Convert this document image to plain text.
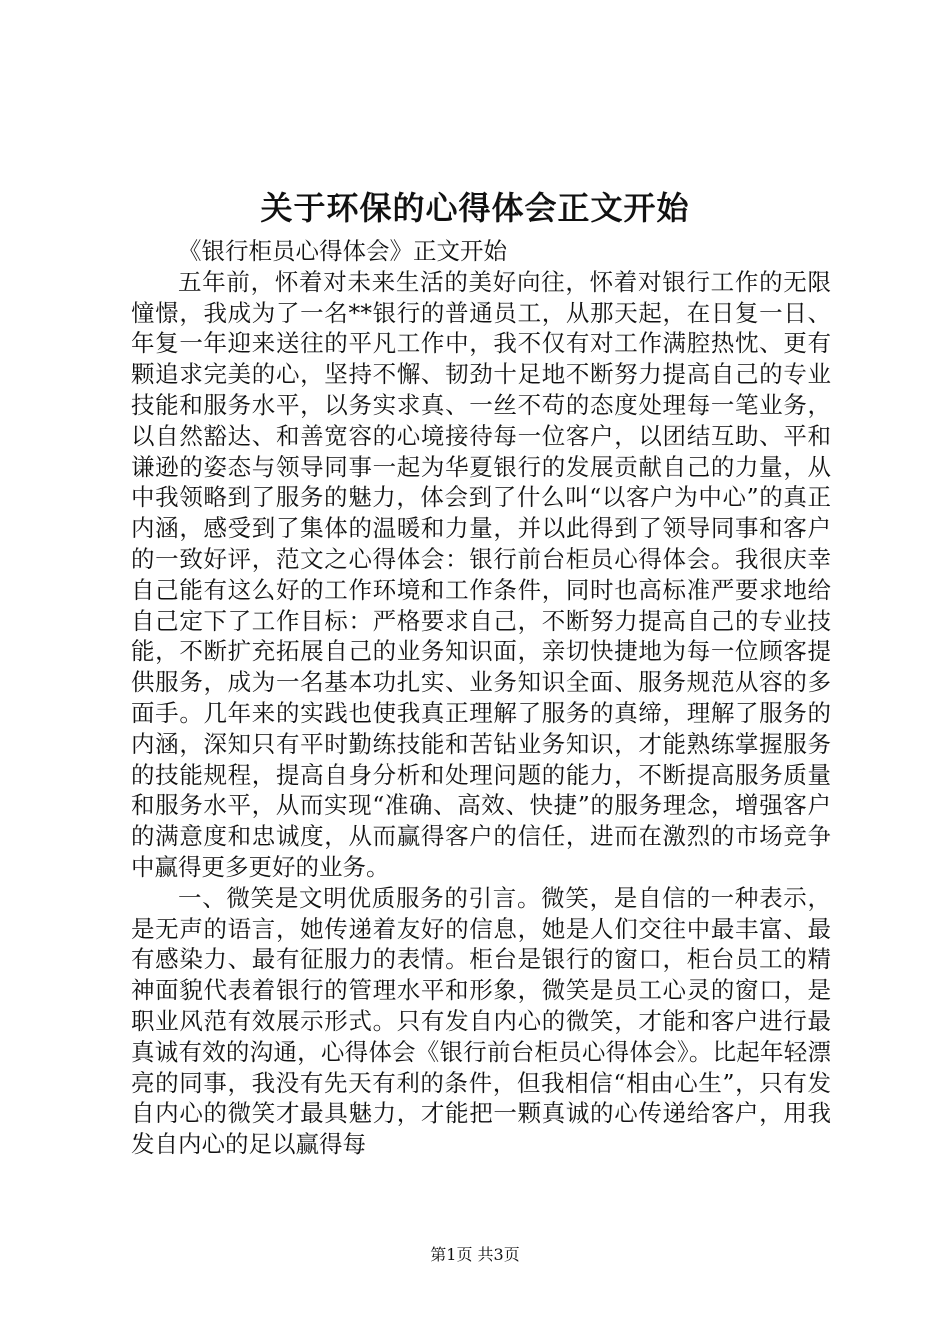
关于环保的心得体会正文开始

《银行柜员心得体会》正文开始

五年前，怀着对未来生活的美好向往，怀着对银行工作的无限憧憬，我成为了一名**银行的普通员工，从那天起，在日复一日、年复一年迎来送往的平凡工作中，我不仅有对工作满腔热忱、更有颗追求完美的心，坚持不懈、韧劲十足地不断努力提高自己的专业技能和服务水平，以务实求真、一丝不苟的态度处理每一笔业务，以自然豁达、和善宽容的心境接待每一位客户，以团结互助、平和谦逊的姿态与领导同事一起为华夏银行的发展贡献自己的力量，从中我领略到了服务的魅力，体会到了什么叫“以客户为中心”的真正内涵，感受到了集体的温暖和力量，并以此得到了领导同事和客户的一致好评，范文之心得体会：银行前台柜员心得体会。我很庆幸自己能有这么好的工作环境和工作条件，同时也高标准严要求地给自己定下了工作目标：严格要求自己，不断努力提高自己的专业技能，不断扩充拓展自己的业务知识面，亲切快捷地为每一位顾客提供服务，成为一名基本功扎实、业务知识全面、服务规范从容的多面手。几年来的实践也使我真正理解了服务的真缔，理解了服务的内涵，深知只有平时勤练技能和苦钻业务知识，才能熟练掌握服务的技能规程，提高自身分析和处理问题的能力，不断提高服务质量和服务水平，从而实现“准确、高效、快捷”的服务理念，增强客户的满意度和忠诚度，从而赢得客户的信任，进而在激烈的市场竞争中赢得更多更好的业务。

一、微笑是文明优质服务的引言。微笑，是自信的一种表示，是无声的语言，她传递着友好的信息，她是人们交往中最丰富、最有感染力、最有征服力的表情。柜台是银行的窗口，柜台员工的精神面貌代表着银行的管理水平和形象，微笑是员工心灵的窗口，是职业风范有效展示形式。只有发自内心的微笑，才能和客户进行最真诚有效的沟通，心得体会《银行前台柜员心得体会》。比起年轻漂亮的同事，我没有先天有利的条件，但我相信“相由心生”，只有发自内心的微笑才最具魅力，才能把一颗真诚的心传递给客户，用我发自内心的足以赢得每

第1页 共3页
